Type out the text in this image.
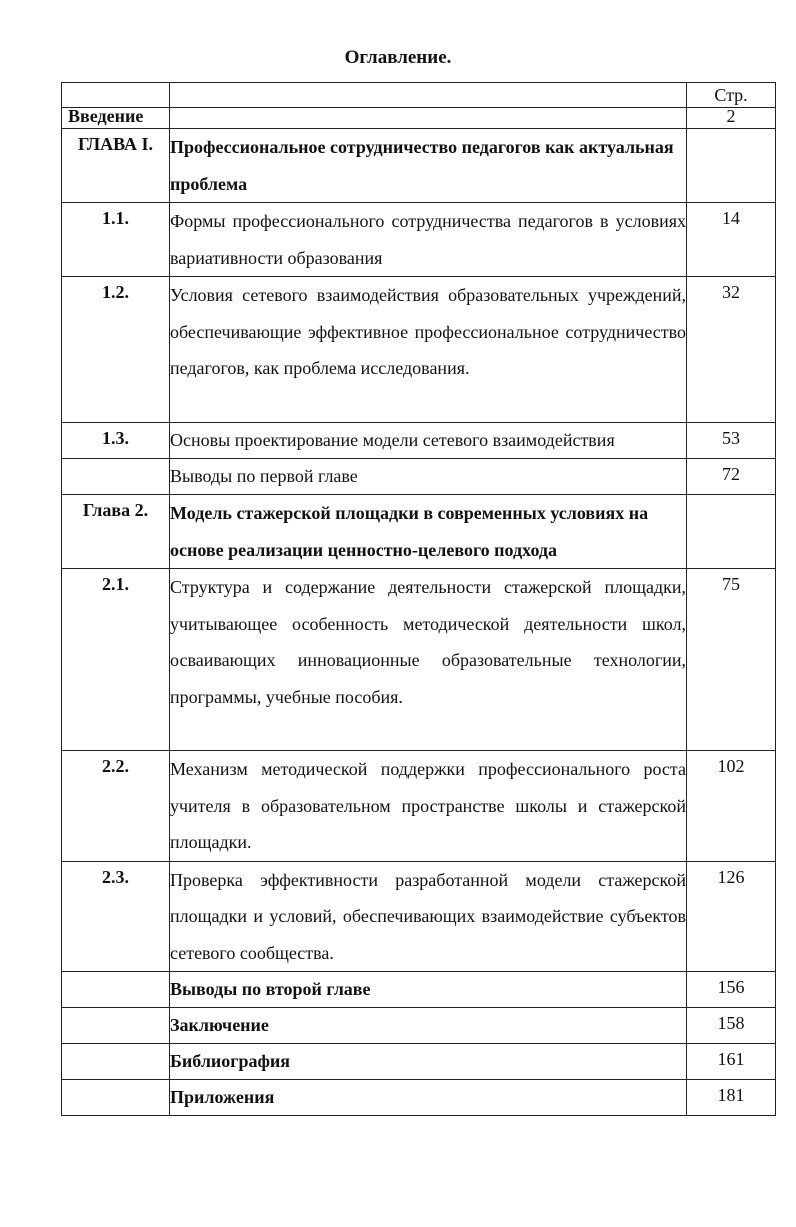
Оглавление.
		Стр.
Введение		2
ГЛАВА I.	Профессиональное сотрудничество педагогов как актуальная проблема	
1.1.	Формы профессионального сотрудничества педагогов в условиях вариативности образования	14
1.2.	Условия сетевого взаимодействия образовательных учреждений, обеспечивающие эффективное профессиональное сотрудничество педагогов, как проблема исследования.	32
1.3.	Основы проектирование модели сетевого взаимодействия	53
	Выводы по первой главе	72
Глава 2.	Модель стажерской площадки в современных условиях на основе реализации ценностно-целевого подхода	
2.1.	Структура и содержание деятельности стажерской площадки, учитывающее особенность методической деятельности школ, осваивающих инновационные образовательные технологии, программы, учебные пособия.	75
2.2.	Механизм методической поддержки профессионального роста учителя в образовательном пространстве школы и стажерской площадки.	102
2.3.	Проверка эффективности разработанной модели стажерской площадки и условий, обеспечивающих взаимодействие субъектов сетевого сообщества.	126
	Выводы по второй главе	156
	Заключение	158
	Библиография	161
	Приложения	181
